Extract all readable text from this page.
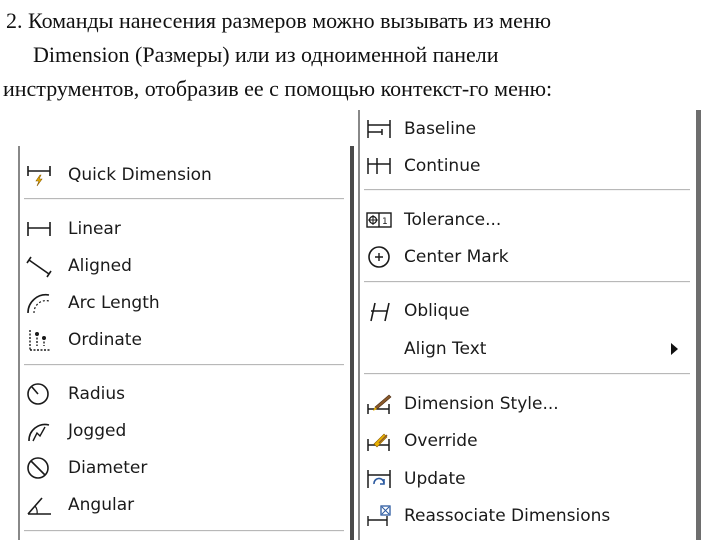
2. Команды нанесения размеров можно вызывать из меню
Dimension (Размеры) или из одноименной панели
инструментов, отобразив ее с помощью контекст-го меню:
Quick Dimension
Linear
Aligned
Arc Length
Ordinate
Radius
Jogged
Diameter
Angular
Baseline
Continue
1 Tolerance...
Center Mark
Oblique
Align Text
Dimension Style...
Override
Update
Reassociate Dimensions
